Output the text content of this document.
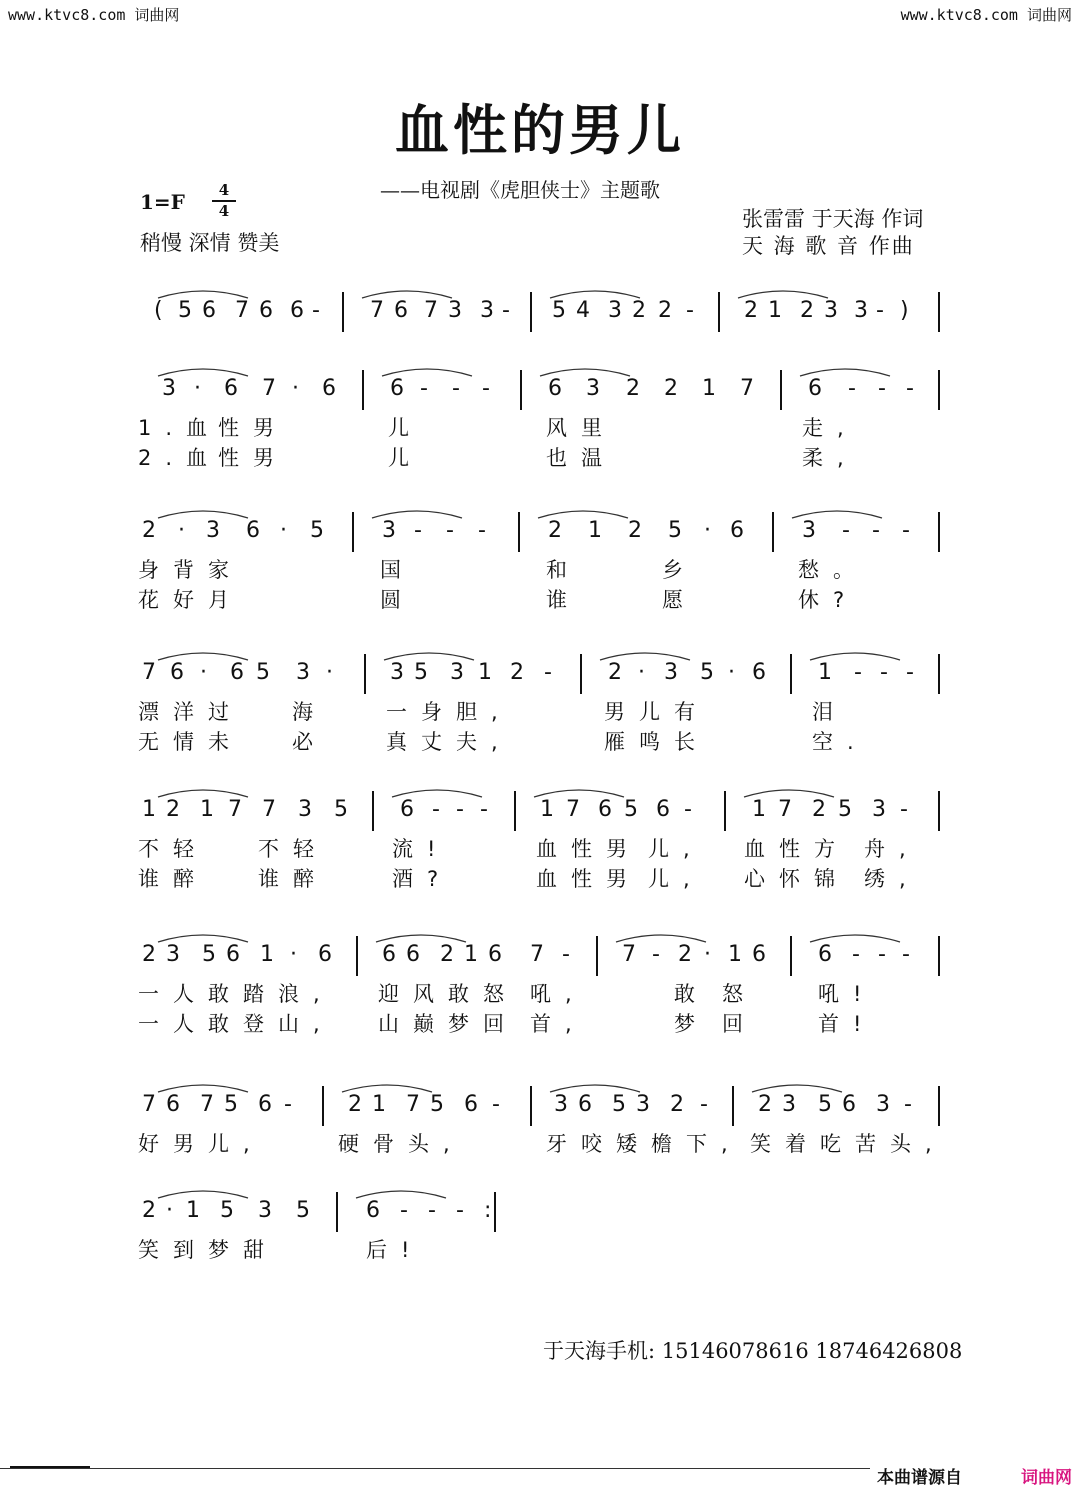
www.ktvc8.com 词曲网	www.ktvc8.com 词曲网
血性的男儿
——电视剧《虎胆侠士》主题歌
1=F	4
4
稍慢 深情 赞美
张雷雷 于天海 作词
天 海 歌 音 作曲
( 5 6 7 6 6 - 7 6 7 3 3 - 5 4 3 2 2 - 2 1 2 3 3 - )
3 · 6 7 · 6 6 - - -	6 3 2 2 1 7 6 - - -
1.血
性男	儿	风里	走,
2.血
性男	儿	也温	柔,
2 · 3 6 · 5	3 - - -	2 1 2 5 · 6	3 - - -
身背家	国	和	乡	愁。
花好月	圆	谁	愿	休?
7 6 · 6 5 3 ·	3 5 3 1 2 -	2 · 3 5 · 6 1 - - -
漂洋过 海	一身胆,	男儿有	泪
无情未 必	真丈夫,	雁鸣长	空.
1 2 1 7 7 3 5 6 - - - 1 7 6 5 6 -	1 7 2 5 3 -
不轻 不轻	流!	血性男 儿, 血性方 舟,
谁醉 谁醉	酒?	血性男 儿, 心怀锦 绣,
2 3 5 6 1 · 6 6 6 2 1 6 7 - 7 - 2 · 1 6 6 - - -
一人敢踏浪, 迎风敢怒 吼,	敢 怒	吼!
一人敢登山, 山巅梦回 首,	梦 回	首!
7 6 7 5 6 -	2 1 7 5 6 - 3 6 5 3 2 - 2 3 5 6 3 -
好男儿,	硬骨头,	牙咬矮檐下, 笑着吃苦头,
2 · 1 5 3 5	6 - - - :
笑到梦甜	后!
于天海手机: 15146078616 18746426808
本曲谱源自	词曲网
